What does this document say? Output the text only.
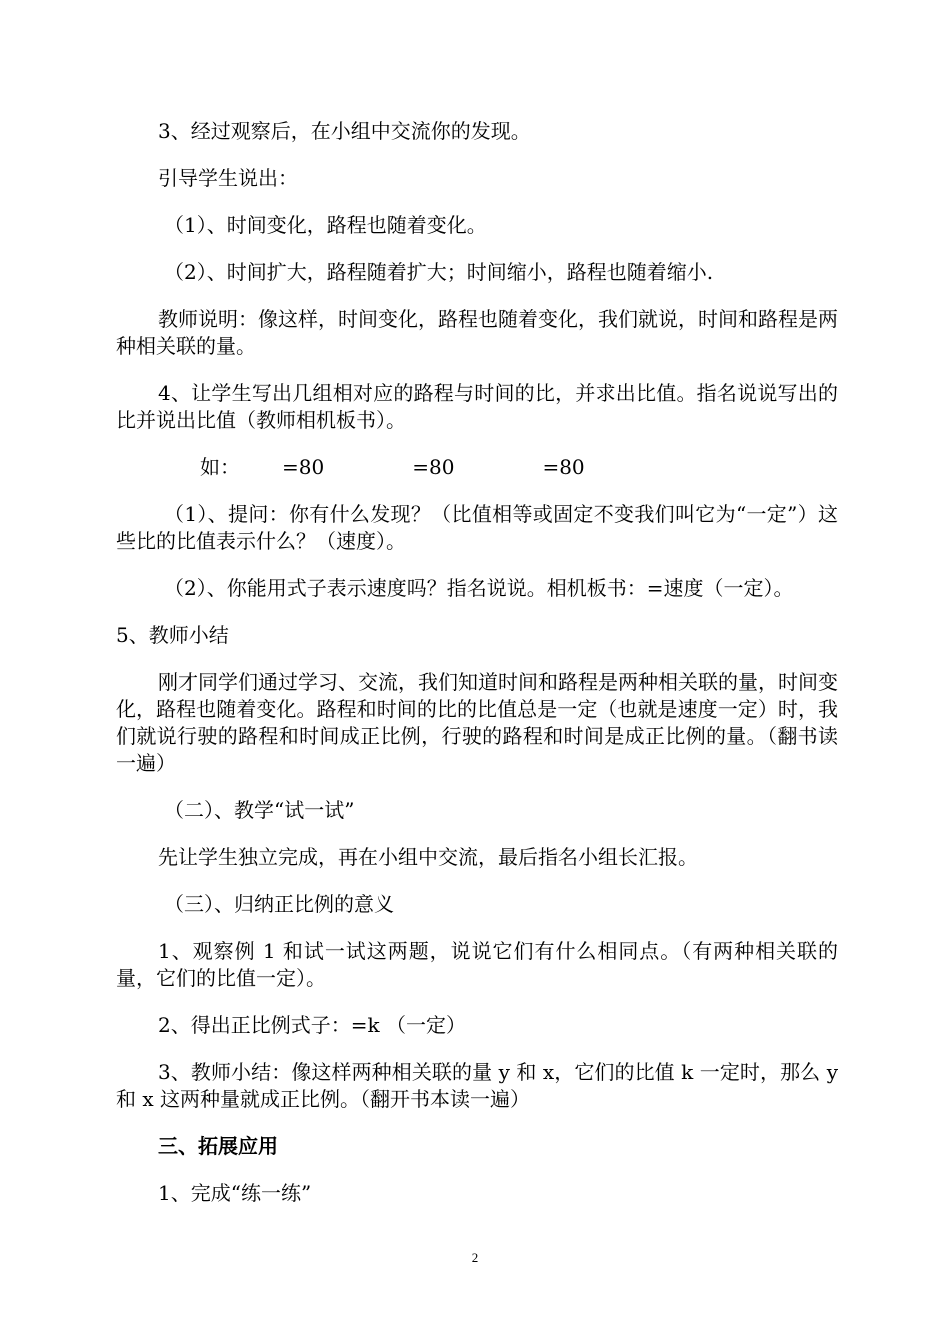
3、经过观察后，在小组中交流你的发现。

引导学生说出：

（1）、时间变化，路程也随着变化。

（2）、时间扩大，路程随着扩大；时间缩小，路程也随着缩小.

教师说明：像这样，时间变化，路程也随着变化，我们就说，时间和路程是两种相关联的量。

4、让学生写出几组相对应的路程与时间的比，并求出比值。指名说说写出的比并说出比值（教师相机板书）。

如： =80	=80	=80

（1）、提问：你有什么发现？（比值相等或固定不变我们叫它为“一定”）这些比的比值表示什么？（速度）。

（2）、你能用式子表示速度吗？指名说说。相机板书：=速度（一定）。

5、教师小结

刚才同学们通过学习、交流，我们知道时间和路程是两种相关联的量，时间变化，路程也随着变化。路程和时间的比的比值总是一定（也就是速度一定）时，我们就说行驶的路程和时间成正比例，行驶的路程和时间是成正比例的量。（翻书读一遍）

（二）、教学“试一试”

先让学生独立完成，再在小组中交流，最后指名小组长汇报。

（三）、归纳正比例的意义

1、观察例 1 和试一试这两题，说说它们有什么相同点。（有两种相关联的量，它们的比值一定）。

2、得出正比例式子：=k （一定）

3、教师小结：像这样两种相关联的量 y 和 x，它们的比值 k 一定时，那么 y 和 x 这两种量就成正比例。（翻开书本读一遍）

三、拓展应用

1、完成“练一练”

2
